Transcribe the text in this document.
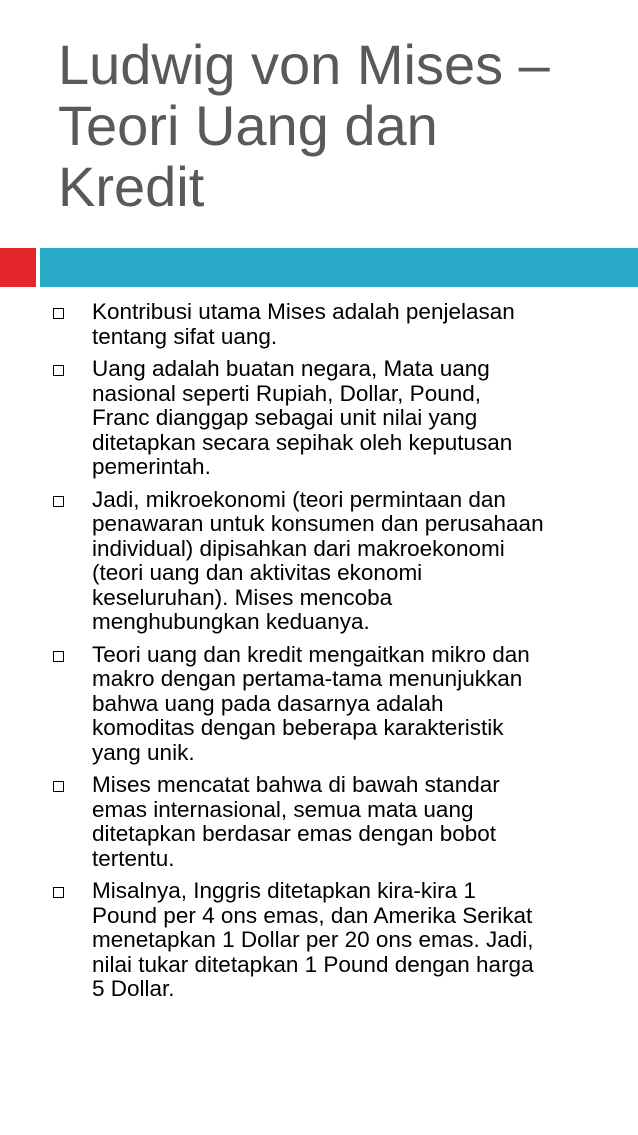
Ludwig von Mises –
Teori Uang dan
Kredit
Kontribusi utama Mises adalah penjelasan
tentang sifat uang.
Uang adalah buatan negara, Mata uang
nasional seperti Rupiah, Dollar, Pound,
Franc dianggap sebagai unit nilai yang
ditetapkan secara sepihak oleh keputusan
pemerintah.
Jadi, mikroekonomi (teori permintaan dan
penawaran untuk konsumen dan perusahaan
individual) dipisahkan dari makroekonomi
(teori uang dan aktivitas ekonomi
keseluruhan). Mises mencoba
menghubungkan keduanya.
Teori uang dan kredit mengaitkan mikro dan
makro dengan pertama-tama menunjukkan
bahwa uang pada dasarnya adalah
komoditas dengan beberapa karakteristik
yang unik.
Mises mencatat bahwa di bawah standar
emas internasional, semua mata uang
ditetapkan berdasar emas dengan bobot
tertentu.
Misalnya, Inggris ditetapkan kira-kira 1
Pound per 4 ons emas, dan Amerika Serikat
menetapkan 1 Dollar per 20 ons emas. Jadi,
nilai tukar ditetapkan 1 Pound dengan harga
5 Dollar.
